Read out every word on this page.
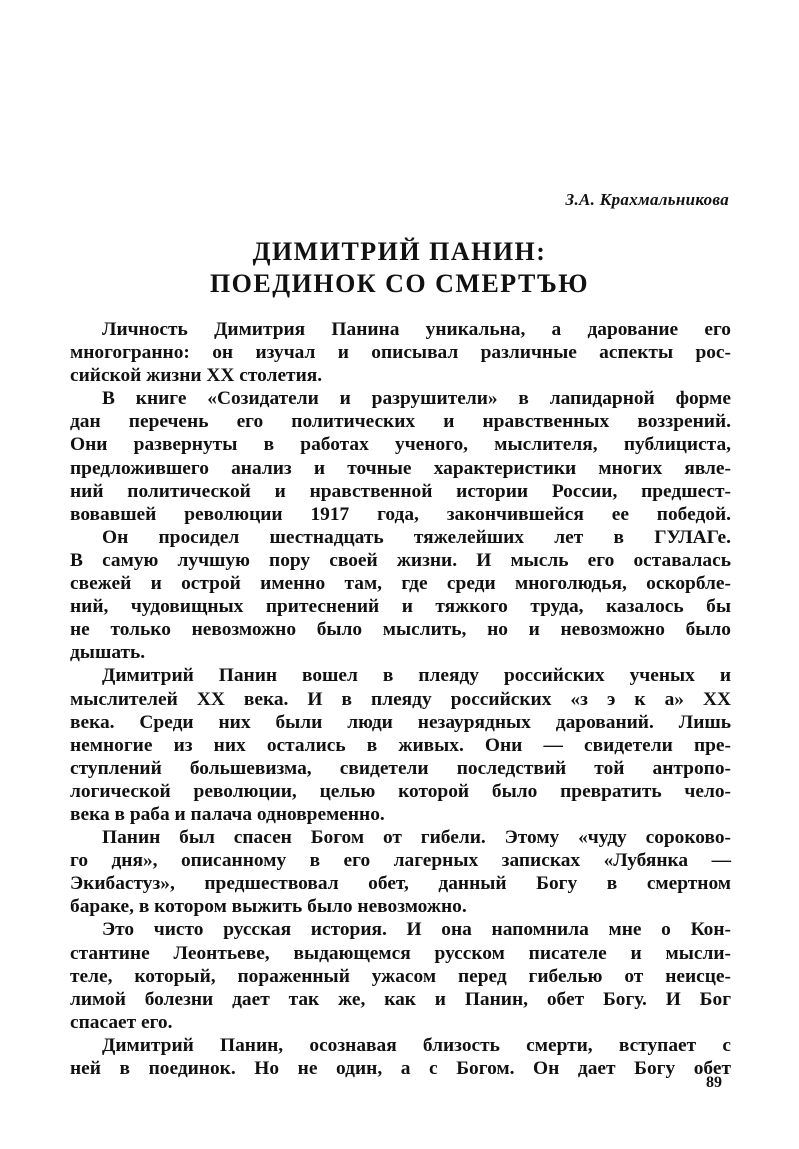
З.А. Крахмальникова
ДИМИТРИЙ ПАНИН:
ПОЕДИНОК СО СМЕРТЪЮ
Личность Димитрия Панина уникальна, а дарование его
многогранно: он изучал и описывал различные аспекты рос-
сийской жизни XX столетия.
В книге «Созидатели и разрушители» в лапидарной форме
дан перечень его политических и нравственных воззрений.
Они развернуты в работах ученого, мыслителя, публициста,
предложившего анализ и точные характеристики многих явле-
ний политической и нравственной истории России, предшест-
вовавшей революции 1917 года, закончившейся ее победой.
Он просидел шестнадцать тяжелейших лет в ГУЛАГе.
В самую лучшую пору своей жизни. И мысль его оставалась
свежей и острой именно там, где среди многолюдья, оскорбле-
ний, чудовищных притеснений и тяжкого труда, казалось бы
не только невозможно было мыслить, но и невозможно было
дышать.
Димитрий Панин вошел в плеяду российских ученых и
мыслителей XX века. И в плеяду российских «з э к а» XX
века. Среди них были люди незаурядных дарований. Лишь
немногие из них остались в живых. Они — свидетели пре-
ступлений большевизма, свидетели последствий той антропо-
логической революции, целью которой было превратить чело-
века в раба и палача одновременно.
Панин был спасен Богом от гибели. Этому «чуду сороково-
го дня», описанному в его лагерных записках «Лубянка —
Экибастуз», предшествовал обет, данный Богу в смертном
бараке, в котором выжить было невозможно.
Это чисто русская история. И она напомнила мне о Кон-
стантине Леонтьеве, выдающемся русском писателе и мысли-
теле, который, пораженный ужасом перед гибелью от неисце-
лимой болезни дает так же, как и Панин, обет Богу. И Бог
спасает его.
Димитрий Панин, осознавая близость смерти, вступает с
ней в поединок. Но не один, а с Богом. Он дает Богу обет
89
